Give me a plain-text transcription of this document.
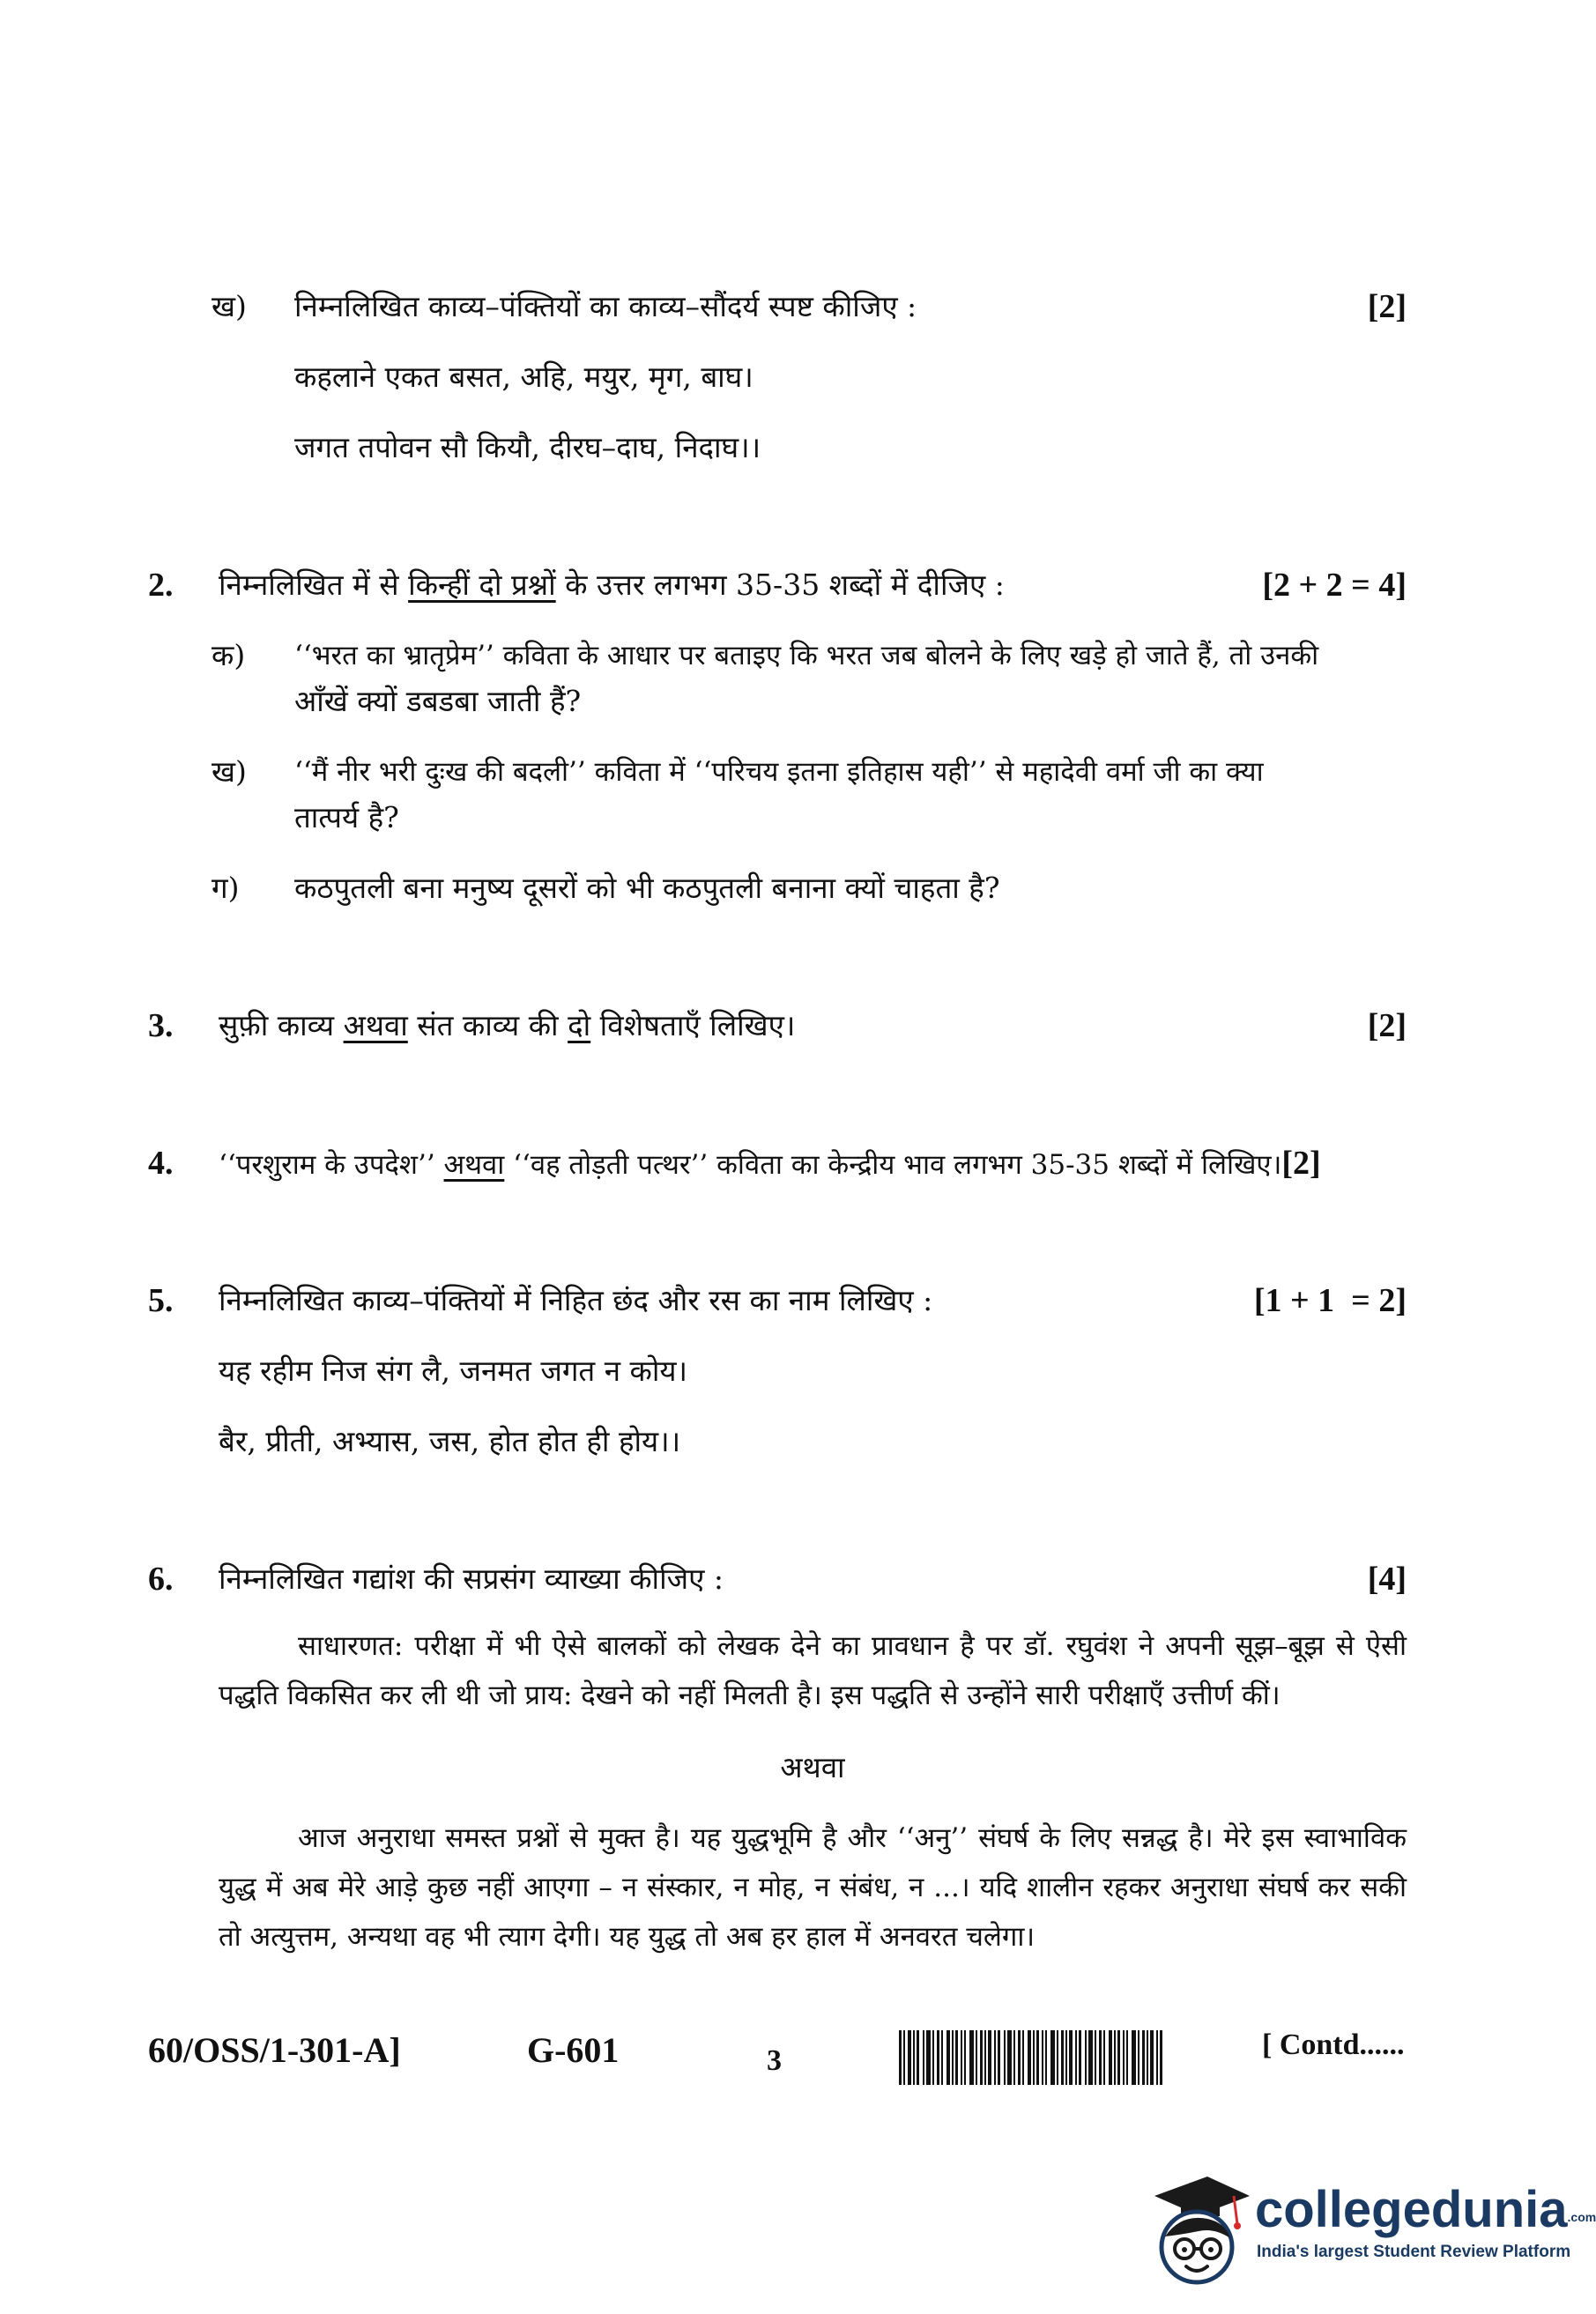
ख) निम्नलिखित काव्य–पंक्तियों का काव्य–सौंदर्य स्पष्ट कीजिए :	[2]
कहलाने एकत बसत, अहि, मयुर, मृग, बाघ।
जगत तपोवन सौ कियौ, दीरघ–दाघ, निदाघ।।
2. निम्नलिखित में से किन्हीं दो प्रश्नों के उत्तर लगभग 35-35 शब्दों में दीजिए :	[2 + 2 = 4]
क) ‘‘भरत का भ्रातृप्रेम’’ कविता के आधार पर बताइए कि भरत जब बोलने के लिए खड़े हो जाते हैं, तो उनकी
आँखें क्यों डबडबा जाती हैं?
ख) ‘‘मैं नीर भरी दुःख की बदली’’ कविता में ‘‘परिचय इतना इतिहास यही’’ से महादेवी वर्मा जी का क्या
तात्पर्य है?
ग) कठपुतली बना मनुष्य दूसरों को भी कठपुतली बनाना क्यों चाहता है?
3. सुफ़ी काव्य अथवा संत काव्य की दो विशेषताएँ लिखिए।	[2]
4. ‘‘परशुराम के उपदेश’’ अथवा ‘‘वह तोड़ती पत्थर’’ कविता का केन्द्रीय भाव लगभग 35-35 शब्दों में लिखिए।[2]
5. निम्नलिखित काव्य–पंक्तियों में निहित छंद और रस का नाम लिखिए :	[1 + 1  = 2]
यह रहीम निज संग लै, जनमत जगत न कोय।
बैर, प्रीती, अभ्यास, जस, होत होत ही होय।।
6. निम्नलिखित गद्यांश की सप्रसंग व्याख्या कीजिए :	[4]
साधारणत: परीक्षा में भी ऐसे बालकों को लेखक देने का प्रावधान है पर डॉ. रघुवंश ने अपनी सूझ–बूझ से ऐसी पद्धति विकसित कर ली थी जो प्राय: देखने को नहीं मिलती है। इस पद्धति से उन्होंने सारी परीक्षाएँ उत्तीर्ण कीं।
अथवा
आज अनुराधा समस्त प्रश्नों से मुक्त है। यह युद्धभूमि है और ‘‘अनु’’ संघर्ष के लिए सन्नद्ध है। मेरे इस स्वाभाविक युद्ध में अब मेरे आड़े कुछ नहीं आएगा – न संस्कार, न मोह, न संबंध, न ...। यदि शालीन रहकर अनुराधा संघर्ष कर सकी तो अत्युत्तम, अन्यथा वह भी त्याग देगी। यह युद्ध तो अब हर हाल में अनवरत चलेगा।
60/OSS/1-301-A]	G-601	3	[ Contd......
collegedunia.com
India's largest Student Review Platform
